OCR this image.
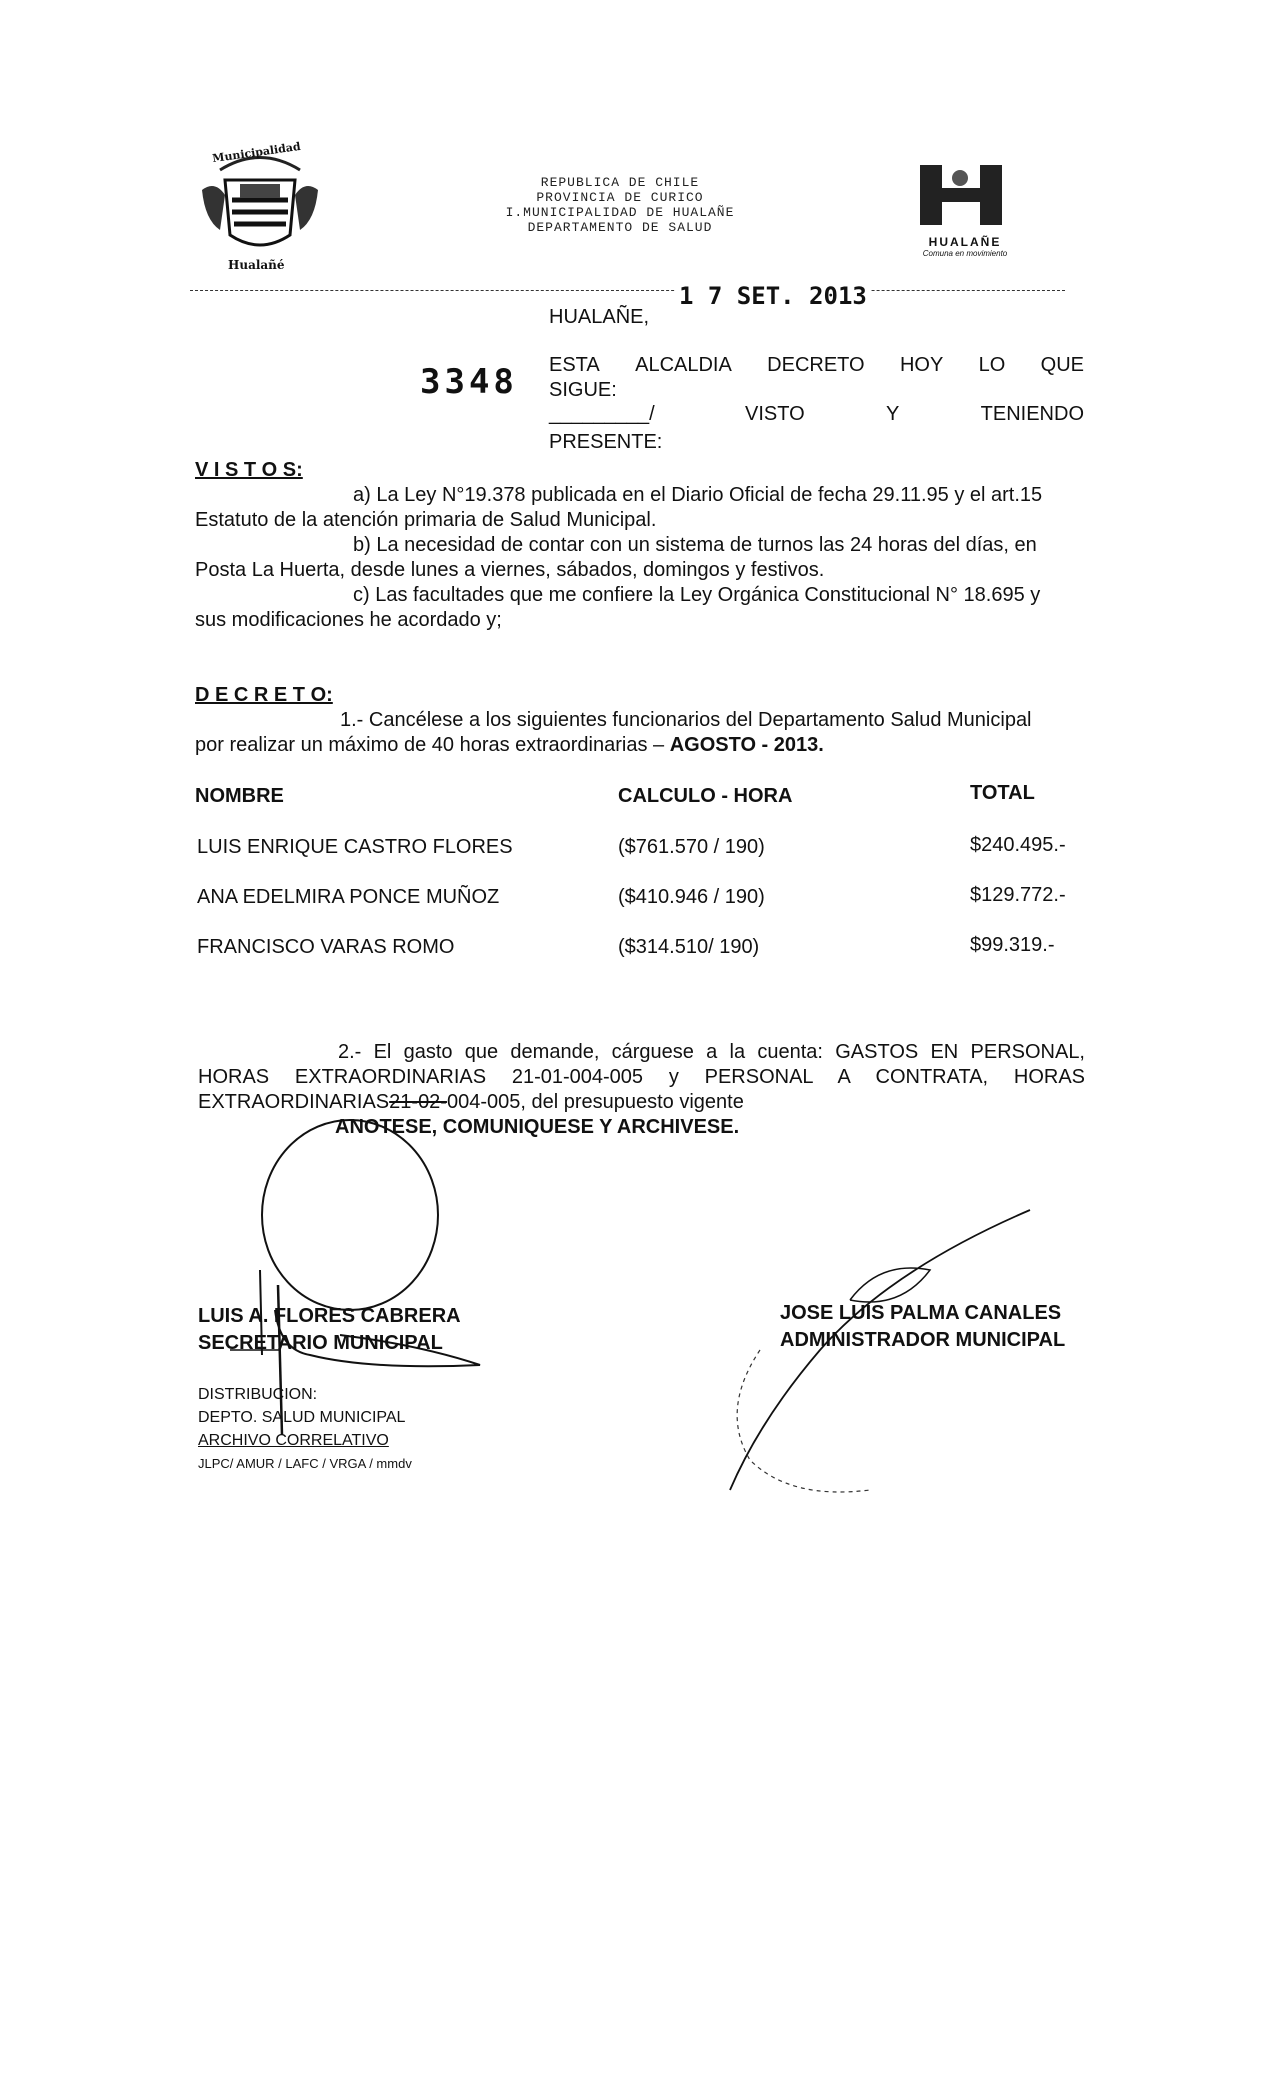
Municipalidad
Hualañé
REPUBLICA DE CHILE
PROVINCIA DE CURICO
I.MUNICIPALIDAD DE HUALAÑE
DEPARTAMENTO DE SALUD
HUALAÑE
Comuna en movimiento
HUALAÑE,
1 7 SET. 2013
3348 ESTA ALCALDIA DECRETO HOY LO QUE
SIGUE:
_________/	VISTO	Y	TENIENDO
PRESENTE:
V I S T O S:
a) La Ley N°19.378 publicada en el Diario Oficial de fecha 29.11.95 y el art.15
Estatuto de la atención primaria de Salud Municipal.
b) La necesidad de contar con un sistema de turnos las 24 horas del días, en
Posta La Huerta, desde lunes a viernes, sábados, domingos y festivos.
c) Las facultades que me confiere la Ley Orgánica Constitucional N° 18.695 y
sus modificaciones he acordado y;
D E C R E T O:
1.- Cancélese a los siguientes funcionarios del Departamento Salud Municipal
por realizar un máximo de 40 horas extraordinarias – AGOSTO - 2013.
NOMBRE	CALCULO - HORA	TOTAL
LUIS ENRIQUE CASTRO FLORES	($761.570 / 190)	$240.495.-
ANA EDELMIRA PONCE MUÑOZ	($410.946 / 190)	$129.772.-
FRANCISCO VARAS ROMO	($314.510/ 190)	$99.319.-
2.- El gasto que demande, cárguese a la cuenta: GASTOS EN PERSONAL,
HORAS EXTRAORDINARIAS 21-01-004-005 y PERSONAL A CONTRATA, HORAS
EXTRAORDINARIAS21-02-004-005, del presupuesto vigente
ANOTESE, COMUNIQUESE Y ARCHIVESE.
LUIS A. FLORES CABRERA
SECRETARIO MUNICIPAL
JOSE LUIS PALMA CANALES
ADMINISTRADOR MUNICIPAL
DISTRIBUCION:
DEPTO. SALUD MUNICIPAL
ARCHIVO CORRELATIVO
JLPC/ AMUR / LAFC / VRGA / mmdv
